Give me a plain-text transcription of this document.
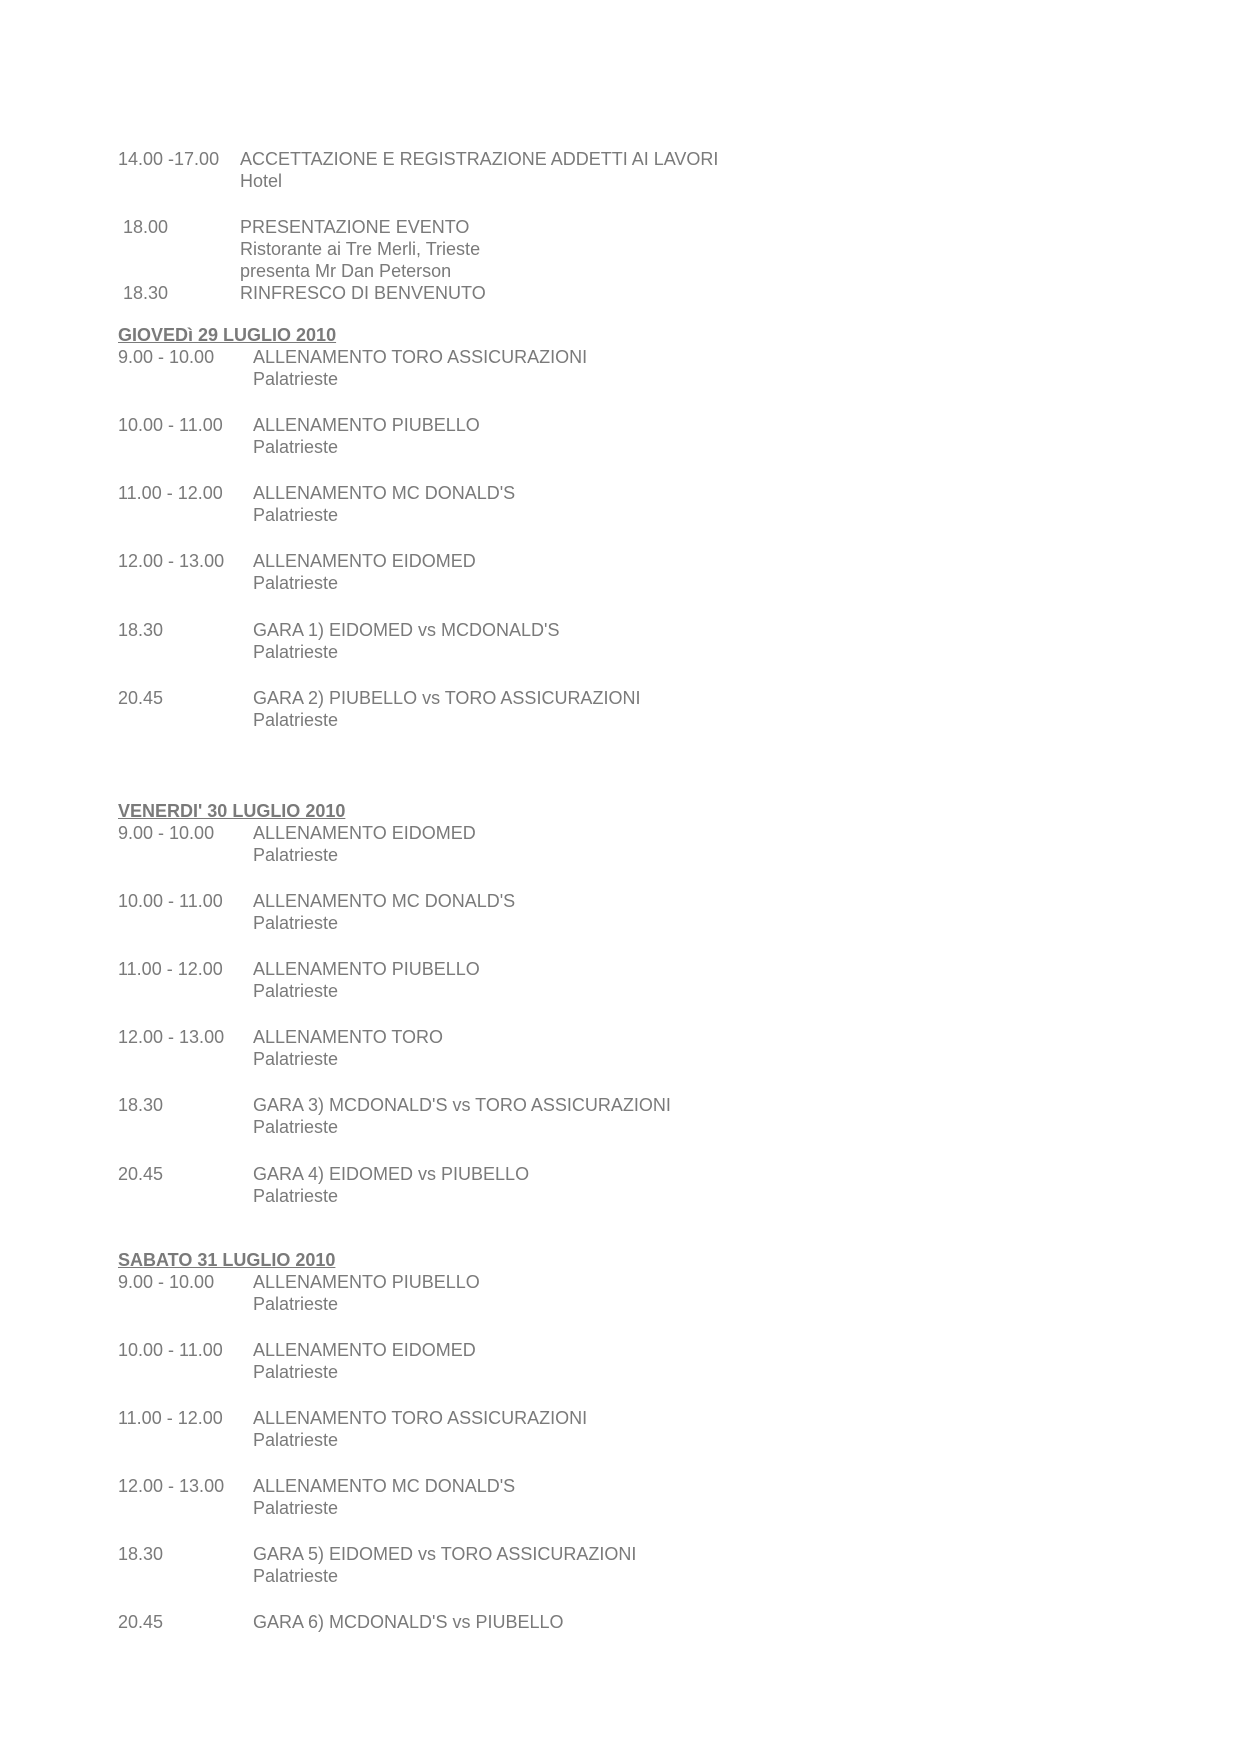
14.00 -17.00 ACCETTAZIONE E REGISTRAZIONE ADDETTI AI LAVORI
Hotel
18.00	PRESENTAZIONE EVENTO
Ristorante ai Tre Merli, Trieste
presenta Mr Dan Peterson
18.30	RINFRESCO DI BENVENUTO
GIOVEDì 29 LUGLIO 2010
9.00 - 10.00 ALLENAMENTO TORO ASSICURAZIONI
Palatrieste
10.00 - 11.00 ALLENAMENTO PIUBELLO
Palatrieste
11.00 - 12.00 ALLENAMENTO MC DONALD'S
Palatrieste
12.00 - 13.00 ALLENAMENTO EIDOMED
Palatrieste
18.30	GARA 1) EIDOMED vs MCDONALD'S
Palatrieste
20.45	GARA 2) PIUBELLO vs TORO ASSICURAZIONI
Palatrieste
VENERDI' 30 LUGLIO 2010
9.00 - 10.00 ALLENAMENTO EIDOMED
Palatrieste
10.00 - 11.00 ALLENAMENTO MC DONALD'S
Palatrieste
11.00 - 12.00 ALLENAMENTO PIUBELLO
Palatrieste
12.00 - 13.00 ALLENAMENTO TORO
Palatrieste
18.30	GARA 3) MCDONALD'S vs TORO ASSICURAZIONI
Palatrieste
20.45	GARA 4) EIDOMED vs PIUBELLO
Palatrieste
SABATO 31 LUGLIO 2010
9.00 - 10.00 ALLENAMENTO PIUBELLO
Palatrieste
10.00 - 11.00 ALLENAMENTO EIDOMED
Palatrieste
11.00 - 12.00 ALLENAMENTO TORO ASSICURAZIONI
Palatrieste
12.00 - 13.00 ALLENAMENTO MC DONALD'S
Palatrieste
18.30	GARA 5) EIDOMED vs TORO ASSICURAZIONI
Palatrieste
20.45	GARA 6) MCDONALD'S vs PIUBELLO
